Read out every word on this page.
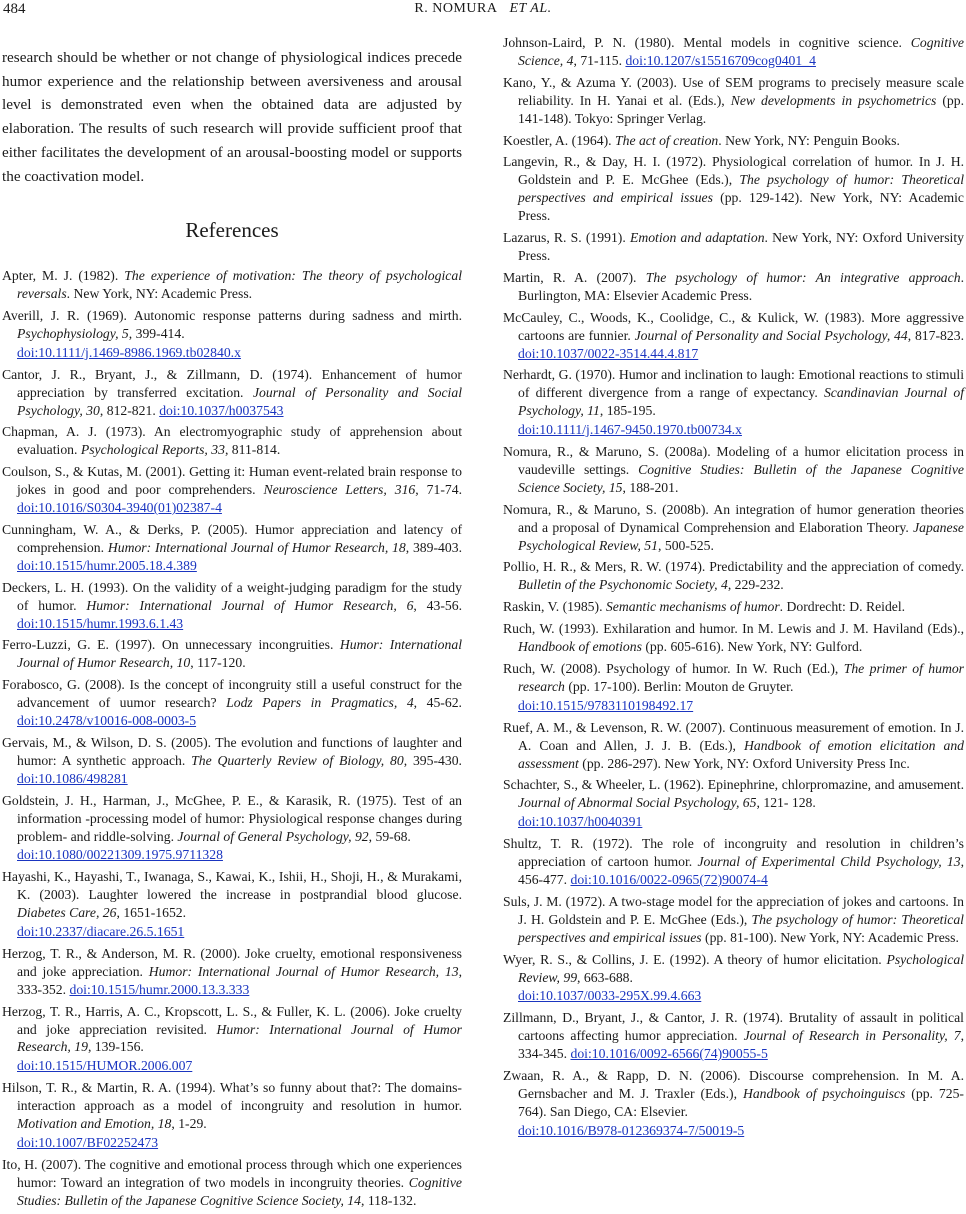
484	R. NOMURA ET AL.

research should be whether or not change of physiological indices precede humor experience and the relationship between aversiveness and arousal level is demonstrated even when the obtained data are adjusted by elaboration. The results of such research will provide sufficient proof that either facilitates the development of an arousal-boosting model or supports the coactivation model.

References

Apter, M. J. (1982). The experience of motivation: The theory of psychological reversals. New York, NY: Academic Press.

Averill, J. R. (1969). Autonomic response patterns during sadness and mirth. Psychophysiology, 5, 399-414.
doi:10.1111/j.1469-8986.1969.tb02840.x

Cantor, J. R., Bryant, J., & Zillmann, D. (1974). Enhancement of humor appreciation by transferred excitation. Journal of Personality and Social Psychology, 30, 812-821. doi:10.1037/h0037543

Chapman, A. J. (1973). An electromyographic study of apprehension about evaluation. Psychological Reports, 33, 811-814.

Coulson, S., & Kutas, M. (2001). Getting it: Human event-related brain response to jokes in good and poor comprehenders. Neuroscience Letters, 316, 71-74. doi:10.1016/S0304-3940(01)02387-4

Cunningham, W. A., & Derks, P. (2005). Humor appreciation and latency of comprehension. Humor: International Journal of Humor Research, 18, 389-403. doi:10.1515/humr.2005.18.4.389

Deckers, L. H. (1993). On the validity of a weight-judging paradigm for the study of humor. Humor: International Journal of Humor Research, 6, 43-56. doi:10.1515/humr.1993.6.1.43

Ferro-Luzzi, G. E. (1997). On unnecessary incongruities. Humor: International Journal of Humor Research, 10, 117-120.

Forabosco, G. (2008). Is the concept of incongruity still a useful construct for the advancement of uumor research? Lodz Papers in Pragmatics, 4, 45-62. doi:10.2478/v10016-008-0003-5

Gervais, M., & Wilson, D. S. (2005). The evolution and functions of laughter and humor: A synthetic approach. The Quarterly Review of Biology, 80, 395-430. doi:10.1086/498281

Goldstein, J. H., Harman, J., McGhee, P. E., & Karasik, R. (1975). Test of an information -processing model of humor: Physiological response changes during problem- and riddle-solving. Journal of General Psychology, 92, 59-68.
doi:10.1080/00221309.1975.9711328

Hayashi, K., Hayashi, T., Iwanaga, S., Kawai, K., Ishii, H., Shoji, H., & Murakami, K. (2003). Laughter lowered the increase in postprandial blood glucose. Diabetes Care, 26, 1651-1652.
doi:10.2337/diacare.26.5.1651

Herzog, T. R., & Anderson, M. R. (2000). Joke cruelty, emotional responsiveness and joke appreciation. Humor: International Journal of Humor Research, 13, 333-352. doi:10.1515/humr.2000.13.3.333

Herzog, T. R., Harris, A. C., Kropscott, L. S., & Fuller, K. L. (2006). Joke cruelty and joke appreciation revisited. Humor: International Journal of Humor Research, 19, 139-156.
doi:10.1515/HUMOR.2006.007

Hilson, T. R., & Martin, R. A. (1994). What’s so funny about that?: The domains-interaction approach as a model of incongruity and resolution in humor. Motivation and Emotion, 18, 1-29.
doi:10.1007/BF02252473

Ito, H. (2007). The cognitive and emotional process through which one experiences humor: Toward an integration of two models in incongruity theories. Cognitive Studies: Bulletin of the Japanese Cognitive Science Society, 14, 118-132.

Johnson-Laird, P. N. (1980). Mental models in cognitive science. Cognitive Science, 4, 71-115. doi:10.1207/s15516709cog0401_4

Kano, Y., & Azuma Y. (2003). Use of SEM programs to precisely measure scale reliability. In H. Yanai et al. (Eds.), New developments in psychometrics (pp. 141-148). Tokyo: Springer Verlag.

Koestler, A. (1964). The act of creation. New York, NY: Penguin Books.

Langevin, R., & Day, H. I. (1972). Physiological correlation of humor. In J. H. Goldstein and P. E. McGhee (Eds.), The psychology of humor: Theoretical perspectives and empirical issues (pp. 129-142). New York, NY: Academic Press.

Lazarus, R. S. (1991). Emotion and adaptation. New York, NY: Oxford University Press.

Martin, R. A. (2007). The psychology of humor: An integrative approach. Burlington, MA: Elsevier Academic Press.

McCauley, C., Woods, K., Coolidge, C., & Kulick, W. (1983). More aggressive cartoons are funnier. Journal of Personality and Social Psychology, 44, 817-823. doi:10.1037/0022-3514.44.4.817

Nerhardt, G. (1970). Humor and inclination to laugh: Emotional reactions to stimuli of different divergence from a range of expectancy. Scandinavian Journal of Psychology, 11, 185-195.
doi:10.1111/j.1467-9450.1970.tb00734.x

Nomura, R., & Maruno, S. (2008a). Modeling of a humor elicitation process in vaudeville settings. Cognitive Studies: Bulletin of the Japanese Cognitive Science Society, 15, 188-201.

Nomura, R., & Maruno, S. (2008b). An integration of humor generation theories and a proposal of Dynamical Comprehension and Elaboration Theory. Japanese Psychological Review, 51, 500-525.

Pollio, H. R., & Mers, R. W. (1974). Predictability and the appreciation of comedy. Bulletin of the Psychonomic Society, 4, 229-232.

Raskin, V. (1985). Semantic mechanisms of humor. Dordrecht: D. Reidel.

Ruch, W. (1993). Exhilaration and humor. In M. Lewis and J. M. Haviland (Eds)., Handbook of emotions (pp. 605-616). New York, NY: Gulford.

Ruch, W. (2008). Psychology of humor. In W. Ruch (Ed.), The primer of humor research (pp. 17-100). Berlin: Mouton de Gruyter.
doi:10.1515/9783110198492.17

Ruef, A. M., & Levenson, R. W. (2007). Continuous measurement of emotion. In J. A. Coan and Allen, J. J. B. (Eds.), Handbook of emotion elicitation and assessment (pp. 286-297). New York, NY: Oxford University Press Inc.

Schachter, S., & Wheeler, L. (1962). Epinephrine, chlorpromazine, and amusement. Journal of Abnormal Social Psychology, 65, 121- 128.
doi:10.1037/h0040391

Shultz, T. R. (1972). The role of incongruity and resolution in children’s appreciation of cartoon humor. Journal of Experimental Child Psychology, 13, 456-477. doi:10.1016/0022-0965(72)90074-4

Suls, J. M. (1972). A two-stage model for the appreciation of jokes and cartoons. In J. H. Goldstein and P. E. McGhee (Eds.), The psychology of humor: Theoretical perspectives and empirical issues (pp. 81-100). New York, NY: Academic Press.

Wyer, R. S., & Collins, J. E. (1992). A theory of humor elicitation. Psychological Review, 99, 663-688.
doi:10.1037/0033-295X.99.4.663

Zillmann, D., Bryant, J., & Cantor, J. R. (1974). Brutality of assault in political cartoons affecting humor appreciation. Journal of Research in Personality, 7, 334-345. doi:10.1016/0092-6566(74)90055-5

Zwaan, R. A., & Rapp, D. N. (2006). Discourse comprehension. In M. A. Gernsbacher and M. J. Traxler (Eds.), Handbook of psychoinguiscs (pp. 725-764). San Diego, CA: Elsevier.
doi:10.1016/B978-012369374-7/50019-5
